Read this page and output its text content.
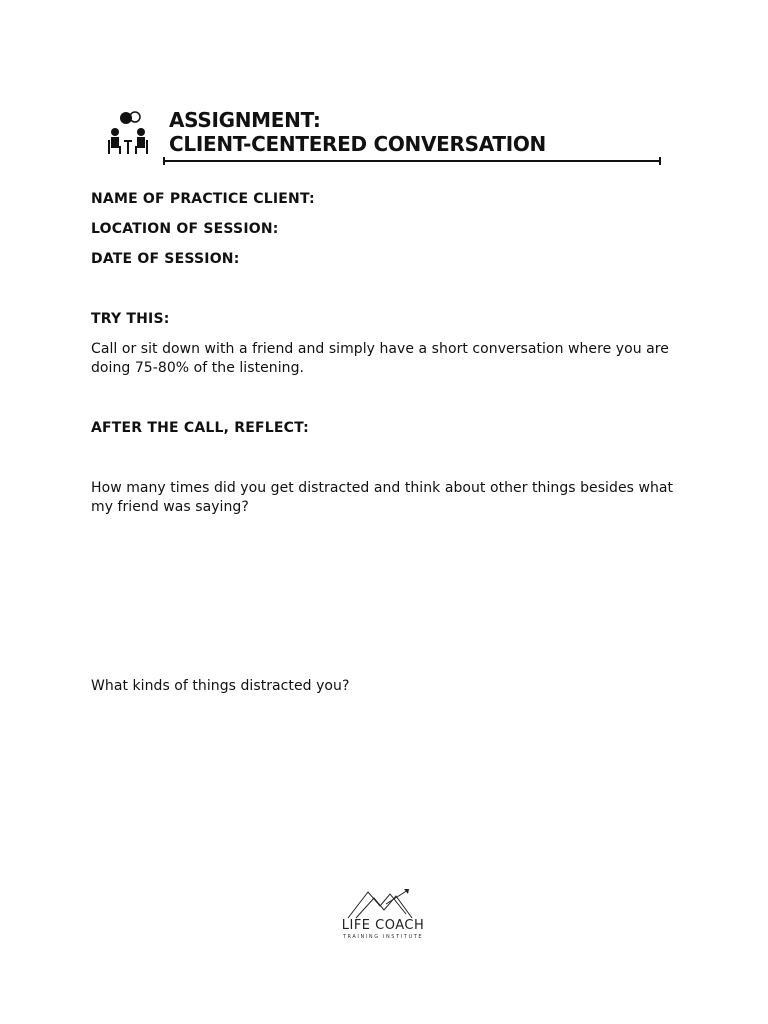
ASSIGNMENT:
CLIENT-CENTERED CONVERSATION
NAME OF PRACTICE CLIENT:
LOCATION OF SESSION:
DATE OF SESSION:
TRY THIS:
Call or sit down with a friend and simply have a short conversation where you are doing 75-80% of the listening.
AFTER THE CALL, REFLECT:
How many times did you get distracted and think about other things besides what my friend was saying?
What kinds of things distracted you?
LIFE COACH
TRAINING INSTITUTE
